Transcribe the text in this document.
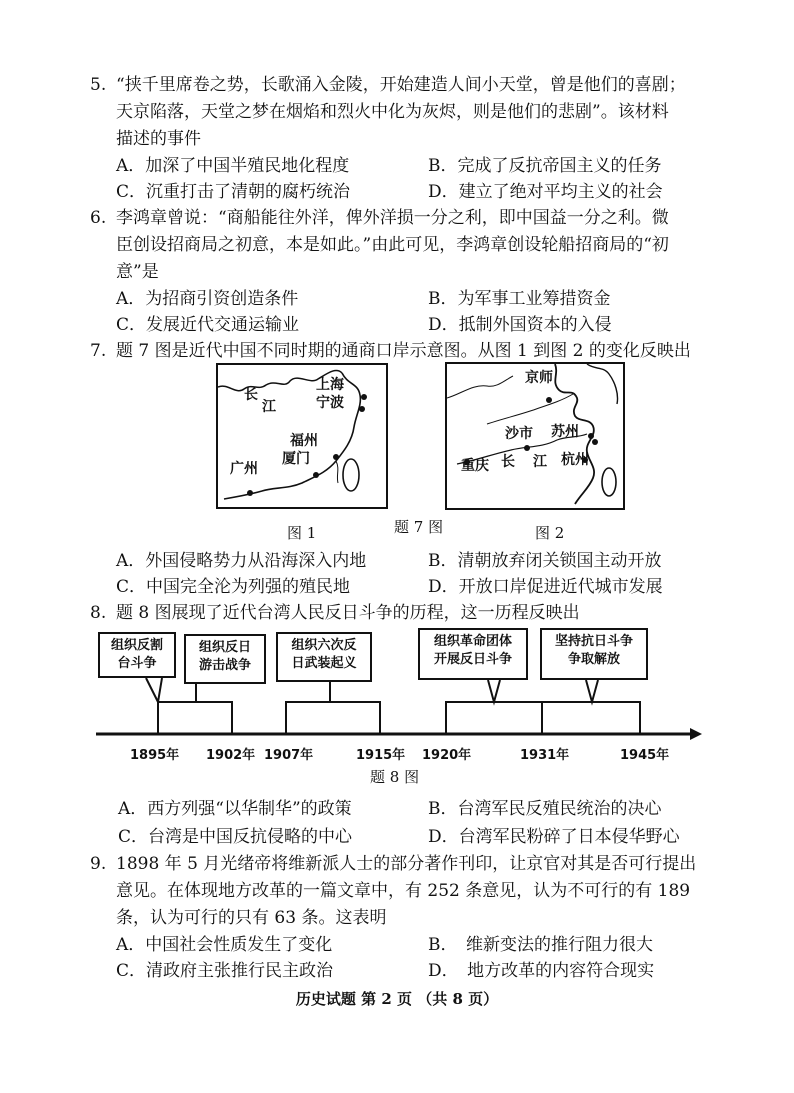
5. “挟千里席卷之势，长歌涌入金陵，开始建造人间小天堂，曾是他们的喜剧；
天京陷落，天堂之梦在烟焰和烈火中化为灰烬，则是他们的悲剧”。该材料
描述的事件
A．加深了中国半殖民地化程度	B．完成了反抗帝国主义的任务
C．沉重打击了清朝的腐朽统治	D．建立了绝对平均主义的社会
6. 李鸿章曾说：“商船能往外洋，俾外洋损一分之利，即中国益一分之利。微
臣创设招商局之初意，本是如此。”由此可见，李鸿章创设轮船招商局的“初
意”是
A．为招商引资创造条件	B．为军事工业筹措资金
C．发展近代交通运输业	D．抵制外国资本的入侵
7. 题 7 图是近代中国不同时期的通商口岸示意图。从图 1 到图 2 的变化反映出
长
江
上海
宁波
福州
厦门
广州
图 1	题 7 图
京师
沙市 苏州
重庆 长 江 杭州
图 2
A．外国侵略势力从沿海深入内地	B．清朝放弃闭关锁国主动开放
C．中国完全沦为列强的殖民地	D．开放口岸促进近代城市发展
8. 题 8 图展现了近代台湾人民反日斗争的历程，这一历程反映出
组织反割
台斗争
组织反日
游击战争
组织六次反
日武装起义
组织革命团体
开展反日斗争
坚持抗日斗争
争取解放
1895年 1902年 1907年	1915年 1920年	1931年	1945年
题 8 图
A．西方列强“以华制华”的政策	B．台湾军民反殖民统治的决心
C．台湾是中国反抗侵略的中心	D．台湾军民粉碎了日本侵华野心
9. 1898 年 5 月光绪帝将维新派人士的部分著作刊印，让京官对其是否可行提出
意见。在体现地方改革的一篇文章中，有 252 条意见，认为不可行的有 189
条，认为可行的只有 63 条。这表明
A．中国社会性质发生了变化	B．　维新变法的推行阻力很大
C．清政府主张推行民主政治	D．　地方改革的内容符合现实
历史试题 第 2 页 （共 8 页）
